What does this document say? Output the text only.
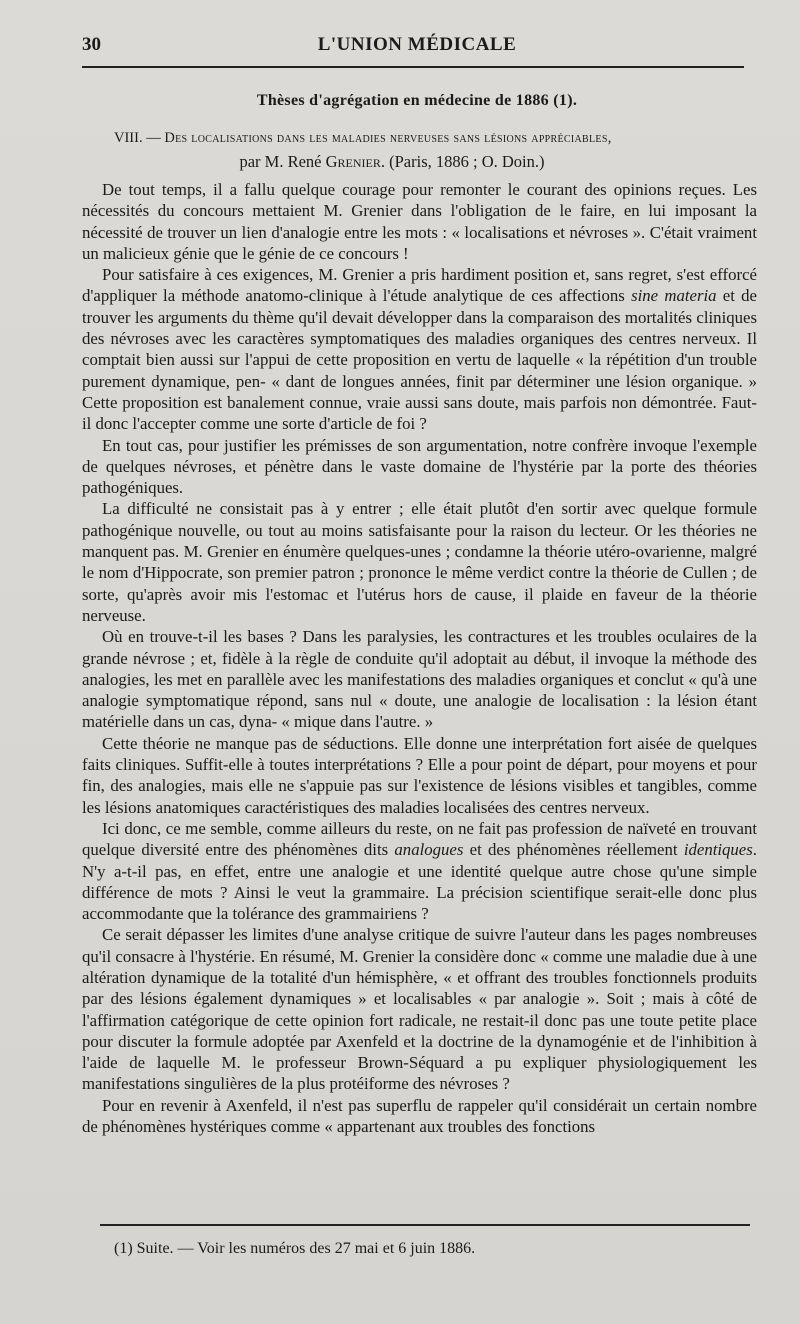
30	L'UNION MÉDICALE
Thèses d'agrégation en médecine de 1886 (1).
VIII. — Des localisations dans les maladies nerveuses sans lésions appréciables,
par M. René Grenier. (Paris, 1886 ; O. Doin.)

De tout temps, il a fallu quelque courage pour remonter le courant des opinions reçues. Les nécessités du concours mettaient M. Grenier dans l'obligation de le faire, en lui imposant la nécessité de trouver un lien d'analogie entre les mots : « localisations et névroses ». C'était vraiment un malicieux génie que le génie de ce concours !

Pour satisfaire à ces exigences, M. Grenier a pris hardiment position et, sans regret, s'est efforcé d'appliquer la méthode anatomo-clinique à l'étude analytique de ces affections sine materia et de trouver les arguments du thème qu'il devait développer dans la comparaison des mortalités cliniques des névroses avec les caractères symptomatiques des maladies organiques des centres nerveux. Il comptait bien aussi sur l'appui de cette proposition en vertu de laquelle « la répétition d'un trouble purement dynamique, pen- « dant de longues années, finit par déterminer une lésion organique. » Cette proposition est banalement connue, vraie aussi sans doute, mais parfois non démontrée. Faut-il donc l'accepter comme une sorte d'article de foi ?

En tout cas, pour justifier les prémisses de son argumentation, notre confrère invoque l'exemple de quelques névroses, et pénètre dans le vaste domaine de l'hystérie par la porte des théories pathogéniques.

La difficulté ne consistait pas à y entrer ; elle était plutôt d'en sortir avec quelque formule pathogénique nouvelle, ou tout au moins satisfaisante pour la raison du lecteur. Or les théories ne manquent pas. M. Grenier en énumère quelques-unes ; condamne la théorie utéro-ovarienne, malgré le nom d'Hippocrate, son premier patron ; prononce le même verdict contre la théorie de Cullen ; de sorte, qu'après avoir mis l'estomac et l'utérus hors de cause, il plaide en faveur de la théorie nerveuse.

Où en trouve-t-il les bases ? Dans les paralysies, les contractures et les troubles oculaires de la grande névrose ; et, fidèle à la règle de conduite qu'il adoptait au début, il invoque la méthode des analogies, les met en parallèle avec les manifestations des maladies organiques et conclut « qu'à une analogie symptomatique répond, sans nul « doute, une analogie de localisation : la lésion étant matérielle dans un cas, dyna- « mique dans l'autre. »

Cette théorie ne manque pas de séductions. Elle donne une interprétation fort aisée de quelques faits cliniques. Suffit-elle à toutes interprétations ? Elle a pour point de départ, pour moyens et pour fin, des analogies, mais elle ne s'appuie pas sur l'existence de lésions visibles et tangibles, comme les lésions anatomiques caractéristiques des maladies localisées des centres nerveux.

Ici donc, ce me semble, comme ailleurs du reste, on ne fait pas profession de naïveté en trouvant quelque diversité entre des phénomènes dits analogues et des phénomènes réellement identiques. N'y a-t-il pas, en effet, entre une analogie et une identité quelque autre chose qu'une simple différence de mots ? Ainsi le veut la grammaire. La précision scientifique serait-elle donc plus accommodante que la tolérance des grammairiens ?

Ce serait dépasser les limites d'une analyse critique de suivre l'auteur dans les pages nombreuses qu'il consacre à l'hystérie. En résumé, M. Grenier la considère donc « comme une maladie due à une altération dynamique de la totalité d'un hémisphère, « et offrant des troubles fonctionnels produits par des lésions également dynamiques » et localisables « par analogie ». Soit ; mais à côté de l'affirmation catégorique de cette opinion fort radicale, ne restait-il donc pas une toute petite place pour discuter la formule adoptée par Axenfeld et la doctrine de la dynamogénie et de l'inhibition à l'aide de laquelle M. le professeur Brown-Séquard a pu expliquer physiologiquement les manifestations singulières de la plus protéiforme des névroses ?

Pour en revenir à Axenfeld, il n'est pas superflu de rappeler qu'il considérait un certain nombre de phénomènes hystériques comme « appartenant aux troubles des fonctions

(1) Suite. — Voir les numéros des 27 mai et 6 juin 1886.
